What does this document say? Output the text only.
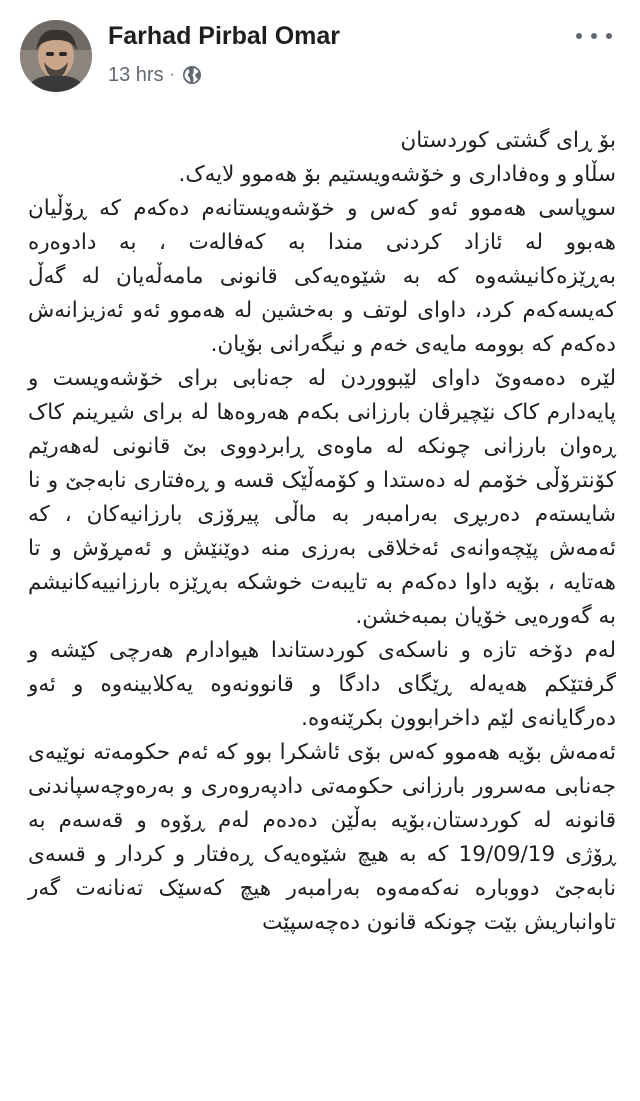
Farhad Pirbal Omar
13 hrs ·

بۆ ڕای گشتی کوردستان

سڵاو و وەفاداری و خۆشەویستیم بۆ هەموو لایەک.

سوپاسی هەموو ئەو کەس و خۆشەویستانەم دەکەم کە ڕۆڵیان هەبوو لە ئازاد کردنی مندا بە کەفالەت ، بە دادوەرە بەڕێزەکانیشەوە کە بە شێوەیەکی قانونی مامەڵەیان لە گەڵ کەیسەکەم کرد، داوای لوتف و بەخشین لە هەموو ئەو ئەزیزانەش دەکەم کە بوومە مایەی خەم و نیگەرانی بۆیان.

لێرە دەمەوێ داوای لێبووردن لە جەنابی برای خۆشەویست و پایەدارم کاک نێچیرڤان بارزانی بکەم هەروەها لە برای شیرینم کاک ڕەوان بارزانی چونکە لە ماوەی ڕابردووی بێ قانونی لەهەرێم کۆنترۆڵی خۆمم لە دەستدا و کۆمەڵێک قسە و ڕەفتاری نابەجێ و نا شایستەم دەربڕی بەرامبەر بە ماڵی پیرۆزی بارزانیەکان ، کە ئەمەش پێچەوانەی ئەخلاقی بەرزی منە دوێنێش و ئەمڕۆش و تا هەتایە ، بۆیە داوا دەکەم بە تایبەت خوشکە بەڕێزە بارزانییەکانیشم بە گەورەیی خۆیان بمبەخشن.

لەم دۆخە تازە و ناسکەی کوردستاندا هیوادارم هەرچی کێشە و گرفتێکم هەیەلە ڕێگای دادگا و قانوونەوە یەکلابینەوە و ئەو دەرگایانەی لێم داخرابوون بکرێنەوە.

ئەمەش بۆیە هەموو کەس بۆی ئاشکرا بوو کە ئەم حکومەتە نوێیەی جەنابی مەسرور بارزانی حکومەتی دادپەروەری و بەرەوچەسپاندنی قانونە لە کوردستان،بۆیە بەڵێن دەدەم لەم ڕۆوە و قەسەم بە ڕۆژی 19/09/19 کە بە هیچ شێوەیەک ڕەفتار و کردار و قسەی نابەجێ دووبارە نەکەمەوە بەرامبەر هیچ کەسێک تەنانەت گەر تاوانباریش بێت چونکە قانون دەچەسپێت
